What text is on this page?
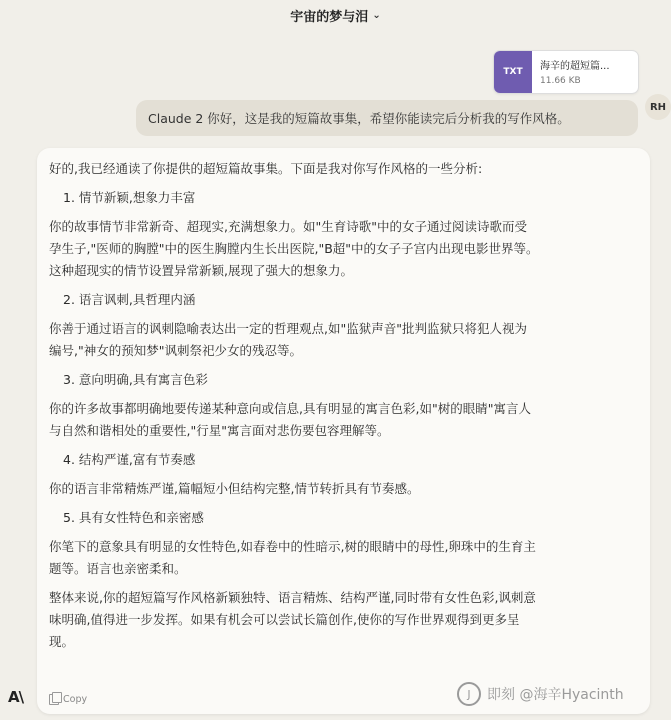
宇宙的梦与泪 ⌄
TXT	海辛的超短篇...
11.66 KB
Claude 2 你好，这是我的短篇故事集，希望你能读完后分析我的写作风格。
RH

好的,我已经通读了你提供的超短篇故事集。下面是我对你写作风格的一些分析:

1. 情节新颖,想象力丰富

你的故事情节非常新奇、超现实,充满想象力。如"生育诗歌"中的女子通过阅读诗歌而受

孕生子,"医师的胸膛"中的医生胸膛内生长出医院,"B超"中的女子子宫内出现电影世界等。

这种超现实的情节设置异常新颖,展现了强大的想象力。

2. 语言讽刺,具哲理内涵

你善于通过语言的讽刺隐喻表达出一定的哲理观点,如"监狱声音"批判监狱只将犯人视为

编号,"神女的预知梦"讽刺祭祀少女的残忍等。

3. 意向明确,具有寓言色彩

你的许多故事都明确地要传递某种意向或信息,具有明显的寓言色彩,如"树的眼睛"寓言人

与自然和谐相处的重要性,"行星"寓言面对悲伤要包容理解等。

4. 结构严谨,富有节奏感

你的语言非常精炼严谨,篇幅短小但结构完整,情节转折具有节奏感。

5. 具有女性特色和亲密感

你笔下的意象具有明显的女性特色,如春卷中的性暗示,树的眼睛中的母性,卵珠中的生育主

题等。语言也亲密柔和。

整体来说,你的超短篇写作风格新颖独特、语言精炼、结构严谨,同时带有女性色彩,讽刺意

味明确,值得进一步发挥。如果有机会可以尝试长篇创作,使你的写作世界观得到更多呈

现。

Copy
A\	J	即刻 @海辛Hyacinth
